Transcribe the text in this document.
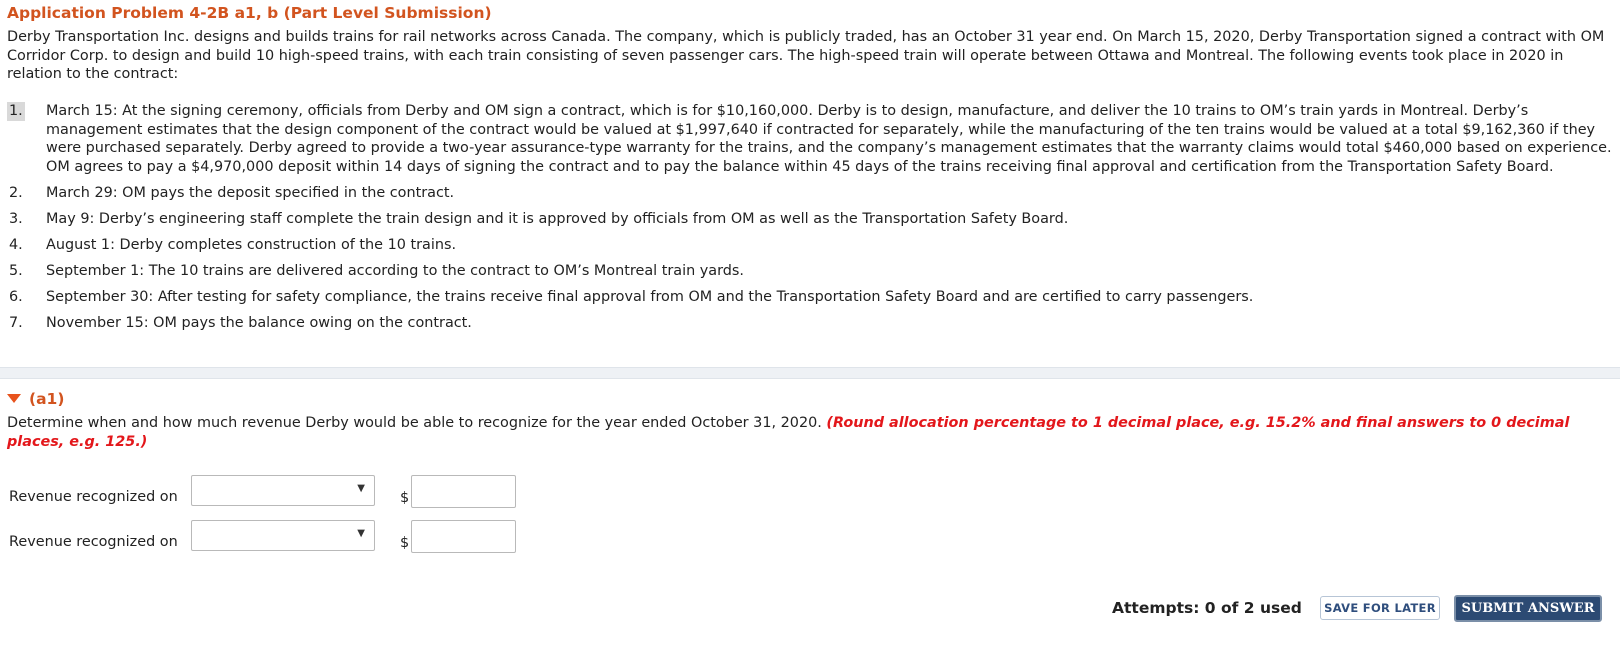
Application Problem 4-2B a1, b (Part Level Submission)
Derby Transportation Inc. designs and builds trains for rail networks across Canada. The company, which is publicly traded, has an October 31 year end. On March 15, 2020, Derby Transportation signed a contract with OM Corridor Corp. to design and build 10 high-speed trains, with each train consisting of seven passenger cars. The high-speed train will operate between Ottawa and Montreal. The following events took place in 2020 in relation to the contract:
1. March 15: At the signing ceremony, officials from Derby and OM sign a contract, which is for $10,160,000. Derby is to design, manufacture, and deliver the 10 trains to OM’s train yards in Montreal. Derby’s management estimates that the design component of the contract would be valued at $1,997,640 if contracted for separately, while the manufacturing of the ten trains would be valued at a total $9,162,360 if they were purchased separately. Derby agreed to provide a two-year assurance-type warranty for the trains, and the company’s management estimates that the warranty claims would total $460,000 based on experience. OM agrees to pay a $4,970,000 deposit within 14 days of signing the contract and to pay the balance within 45 days of the trains receiving final approval and certification from the Transportation Safety Board.
2. March 29: OM pays the deposit specified in the contract.
3. May 9: Derby’s engineering staff complete the train design and it is approved by officials from OM as well as the Transportation Safety Board.
4. August 1: Derby completes construction of the 10 trains.
5. September 1: The 10 trains are delivered according to the contract to OM’s Montreal train yards.
6. September 30: After testing for safety compliance, the trains receive final approval from OM and the Transportation Safety Board and are certified to carry passengers.
7. November 15: OM pays the balance owing on the contract.
(a1)
Determine when and how much revenue Derby would be able to recognize for the year ended October 31, 2020. (Round allocation percentage to 1 decimal place, e.g. 15.2% and final answers to 0 decimal places, e.g. 125.)
Revenue recognized on
▼
$
Revenue recognized on
▼
$
Attempts: 0 of 2 used	SAVE FOR LATER	SUBMIT ANSWER
